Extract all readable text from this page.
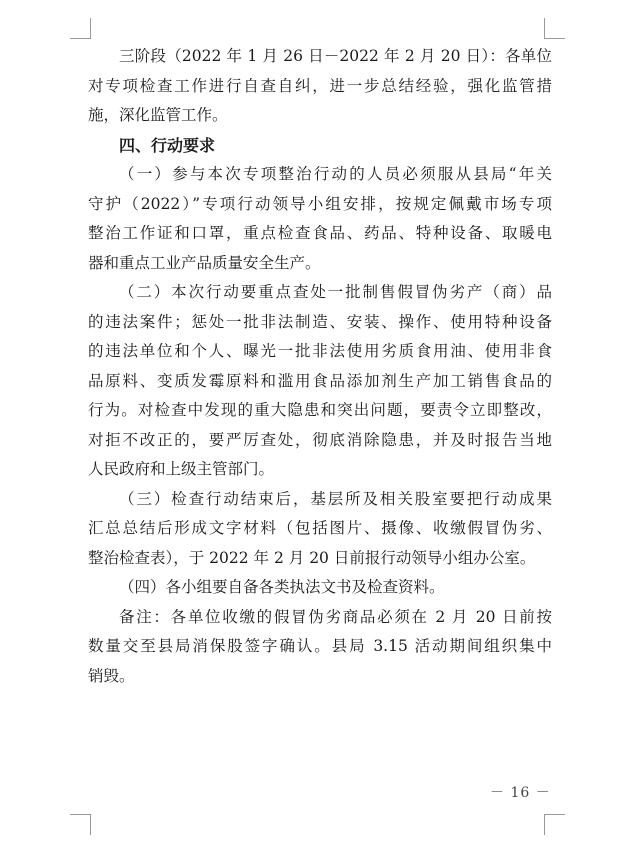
三阶段（2022 年 1 月 26 日－2022 年 2 月 20 日）：各单位
对专项检查工作进行自查自纠，进一步总结经验，强化监管措
施，深化监管工作。
四、行动要求
（一）参与本次专项整治行动的人员必须服从县局“年关
守护（2022）”专项行动领导小组安排，按规定佩戴市场专项
整治工作证和口罩，重点检查食品、药品、特种设备、取暖电
器和重点工业产品质量安全生产。
（二）本次行动要重点查处一批制售假冒伪劣产（商）品
的违法案件；惩处一批非法制造、安装、操作、使用特种设备
的违法单位和个人、曝光一批非法使用劣质食用油、使用非食
品原料、变质发霉原料和滥用食品添加剂生产加工销售食品的
行为。对检查中发现的重大隐患和突出问题，要责令立即整改，
对拒不改正的，要严厉查处，彻底消除隐患，并及时报告当地
人民政府和上级主管部门。
（三）检查行动结束后，基层所及相关股室要把行动成果
汇总总结后形成文字材料（包括图片、摄像、收缴假冒伪劣、
整治检查表），于 2022 年 2 月 20 日前报行动领导小组办公室。
（四）各小组要自备各类执法文书及检查资料。
备注：各单位收缴的假冒伪劣商品必须在 2 月 20 日前按
数量交至县局消保股签字确认。县局 3.15 活动期间组织集中
销毁。
－ 16 －
